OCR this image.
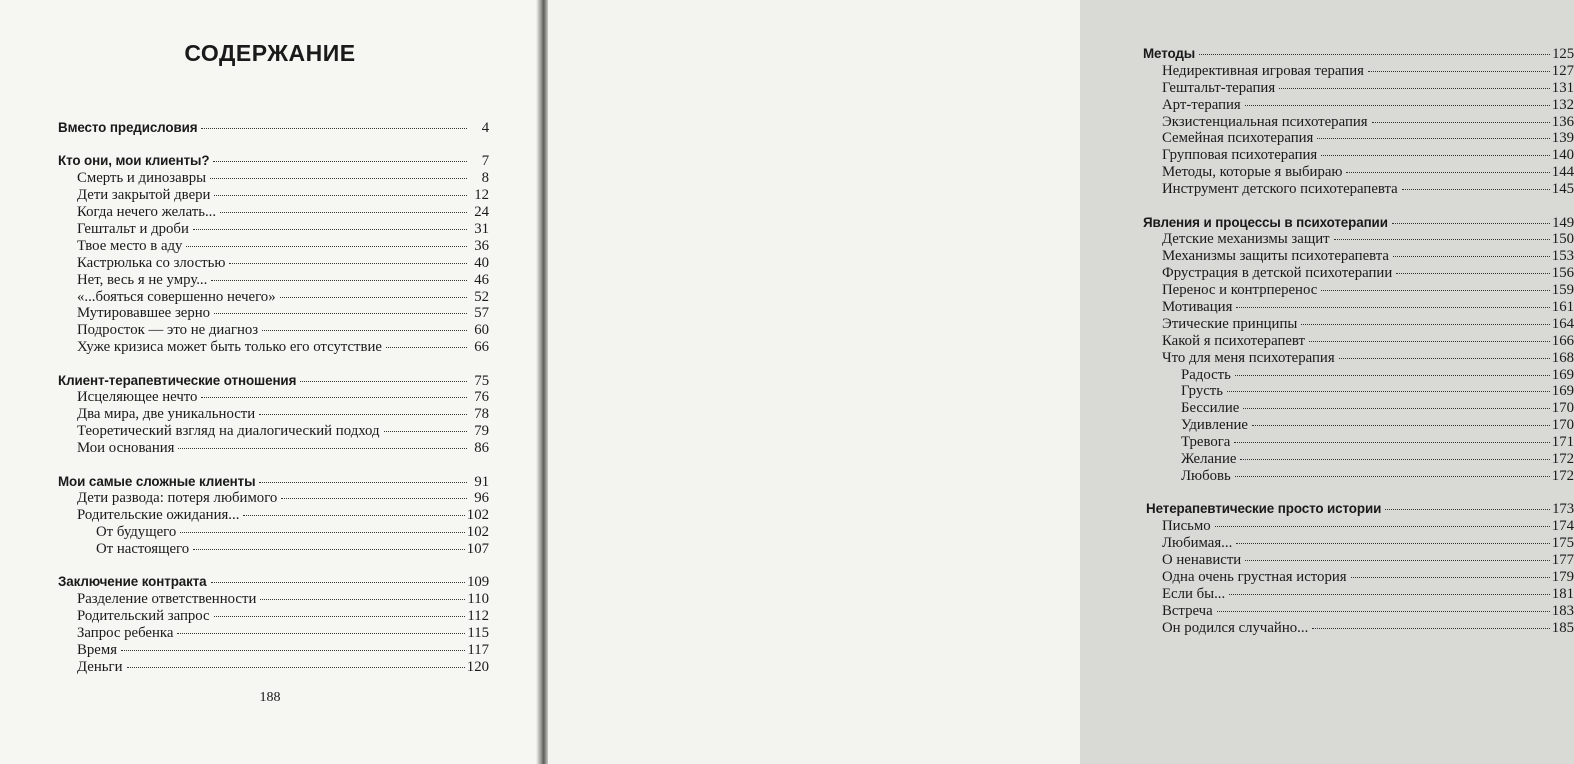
СОДЕРЖАНИЕ
Вместо предисловия	4
Кто они, мои клиенты?	7
Смерть и динозавры	8
Дети закрытой двери	12
Когда нечего желать...	24
Гештальт и дроби	31
Твое место в аду	36
Кастрюлька со злостью	40
Нет, весь я не умру...	46
«...бояться совершенно нечего»	52
Мутировавшее зерно	57
Подросток — это не диагноз	60
Хуже кризиса может быть только его отсутствие	66
Клиент-терапевтические отношения	75
Исцеляющее нечто	76
Два мира, две уникальности	78
Теоретический взгляд на диалогический подход	79
Мои основания	86
Мои самые сложные клиенты	91
Дети развода: потеря любимого	96
Родительские ожидания...	102
От будущего	102
От настоящего	107
Заключение контракта	109
Разделение ответственности	110
Родительский запрос	112
Запрос ребенка	115
Время	117
Деньги	120
188
Методы	125
Недирективная игровая терапия	127
Гештальт-терапия	131
Арт-терапия	132
Экзистенциальная психотерапия	136
Семейная психотерапия	139
Групповая психотерапия	140
Методы, которые я выбираю	144
Инструмент детского психотерапевта	145
Явления и процессы в психотерапии	149
Детские механизмы защит	150
Механизмы защиты психотерапевта	153
Фрустрация в детской психотерапии	156
Перенос и контрперенос	159
Мотивация	161
Этические принципы	164
Какой я психотерапевт	166
Что для меня психотерапия	168
Радость	169
Грусть	169
Бессилие	170
Удивление	170
Тревога	171
Желание	172
Любовь	172
Нетерапевтические просто истории	173
Письмо	174
Любимая...	175
О ненависти	177
Одна очень грустная история	179
Если бы...	181
Встреча	183
Он родился случайно...	185
